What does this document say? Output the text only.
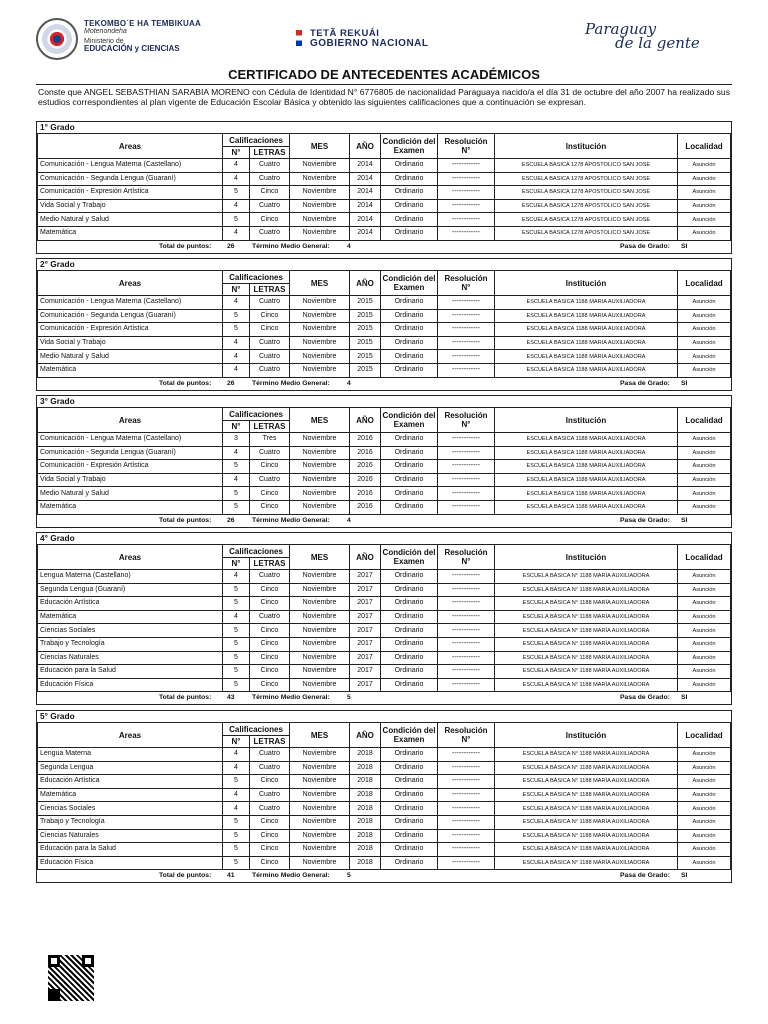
TEKOMBO´E HA TEMBIKUAA
Motenondeha
Ministerio de
EDUCACIÓN y CIENCIAS
TETÃ REKUÁI
GOBIERNO NACIONAL
Paraguay
de la gente
CERTIFICADO DE ANTECEDENTES ACADÉMICOS
Conste que ANGEL SEBASTHIAN SARABIA MORENO con Cédula de Identidad N° 6776805 de nacionalidad Paraguaya nacido/a el día 31 de octubre del año 2007 ha realizado sus estudios correspondientes al plan vigente de Educación Escolar Básica y obtenido las siguientes calificaciones que a continuación se expresan.
1° Grado
Areas	Calificaciones		MES	AÑO	Condición del Examen	Resolución N°	Institución	Localidad
	N°	LETRAS						
Comunicación - Lengua Materna (Castellano)	4	Cuatro	Noviembre	2014	Ordinario	------------	ESCUELA BASICA 1278 APOSTOLICO SAN JOSE	Asunción
Comunicación - Segunda Lengua (Guaraní)	4	Cuatro	Noviembre	2014	Ordinario	------------	ESCUELA BASICA 1278 APOSTOLICO SAN JOSE	Asunción
Comunicación - Expresión Artística	5	Cinco	Noviembre	2014	Ordinario	------------	ESCUELA BASICA 1278 APOSTOLICO SAN JOSE	Asunción
Vida Social y Trabajo	4	Cuatro	Noviembre	2014	Ordinario	------------	ESCUELA BASICA 1278 APOSTOLICO SAN JOSE	Asunción
Medio Natural y Salud	5	Cinco	Noviembre	2014	Ordinario	------------	ESCUELA BASICA 1278 APOSTOLICO SAN JOSE	Asunción
Matemática	4	Cuatro	Noviembre	2014	Ordinario	------------	ESCUELA BASICA 1278 APOSTOLICO SAN JOSE	Asunción
Total de puntos: 26	Término Medio General:	4	Pasa de Grado: SI
2° Grado
Areas	Calificaciones		MES	AÑO	Condición del Examen	Resolución N°	Institución	Localidad
	N°	LETRAS						
Comunicación - Lengua Materna (Castellano)	4	Cuatro	Noviembre	2015	Ordinario	------------	ESCUELA BASICA 1188 MARIA AUXILIADORA	Asunción
Comunicación - Segunda Lengua (Guaraní)	5	Cinco	Noviembre	2015	Ordinario	------------	ESCUELA BASICA 1188 MARIA AUXILIADORA	Asunción
Comunicación - Expresión Artística	5	Cinco	Noviembre	2015	Ordinario	------------	ESCUELA BASICA 1188 MARIA AUXILIADORA	Asunción
Vida Social y Trabajo	4	Cuatro	Noviembre	2015	Ordinario	------------	ESCUELA BASICA 1188 MARIA AUXILIADORA	Asunción
Medio Natural y Salud	4	Cuatro	Noviembre	2015	Ordinario	------------	ESCUELA BASICA 1188 MARIA AUXILIADORA	Asunción
Matemática	4	Cuatro	Noviembre	2015	Ordinario	------------	ESCUELA BASICA 1188 MARIA AUXILIADORA	Asunción
Total de puntos: 26	Término Medio General:	4	Pasa de Grado: SI
3° Grado
Areas	Calificaciones		MES	AÑO	Condición del Examen	Resolución N°	Institución	Localidad
	N°	LETRAS						
Comunicación - Lengua Materna (Castellano)	3	Tres	Noviembre	2016	Ordinario	------------	ESCUELA BASICA 1188 MARIA AUXILIADORA	Asunción
Comunicación - Segunda Lengua (Guaraní)	4	Cuatro	Noviembre	2016	Ordinario	------------	ESCUELA BASICA 1188 MARIA AUXILIADORA	Asunción
Comunicación - Expresión Artística	5	Cinco	Noviembre	2016	Ordinario	------------	ESCUELA BASICA 1188 MARIA AUXILIADORA	Asunción
Vida Social y Trabajo	4	Cuatro	Noviembre	2016	Ordinario	------------	ESCUELA BASICA 1188 MARIA AUXILIADORA	Asunción
Medio Natural y Salud	5	Cinco	Noviembre	2016	Ordinario	------------	ESCUELA BASICA 1188 MARIA AUXILIADORA	Asunción
Matemática	5	Cinco	Noviembre	2016	Ordinario	------------	ESCUELA BASICA 1188 MARIA AUXILIADORA	Asunción
Total de puntos: 26	Término Medio General:	4	Pasa de Grado: SI
4° Grado
Areas	Calificaciones		MES	AÑO	Condición del Examen	Resolución N°	Institución	Localidad
	N°	LETRAS						
Lengua Materna (Castellano)	4	Cuatro	Noviembre	2017	Ordinario	------------	ESCUELA BÁSICA N° 1188 MARÍA AUXILIADORA	Asunción
Segunda Lengua (Guaraní)	5	Cinco	Noviembre	2017	Ordinario	------------	ESCUELA BÁSICA N° 1188 MARÍA AUXILIADORA	Asunción
Educación Artística	5	Cinco	Noviembre	2017	Ordinario	------------	ESCUELA BÁSICA N° 1188 MARÍA AUXILIADORA	Asunción
Matemática	4	Cuatro	Noviembre	2017	Ordinario	------------	ESCUELA BÁSICA N° 1188 MARÍA AUXILIADORA	Asunción
Ciencias Sociales	5	Cinco	Noviembre	2017	Ordinario	------------	ESCUELA BÁSICA N° 1188 MARÍA AUXILIADORA	Asunción
Trabajo y Tecnología	5	Cinco	Noviembre	2017	Ordinario	------------	ESCUELA BÁSICA N° 1188 MARÍA AUXILIADORA	Asunción
Ciencias Naturales	5	Cinco	Noviembre	2017	Ordinario	------------	ESCUELA BÁSICA N° 1188 MARÍA AUXILIADORA	Asunción
Educación para la Salud	5	Cinco	Noviembre	2017	Ordinario	------------	ESCUELA BÁSICA N° 1188 MARÍA AUXILIADORA	Asunción
Educación Física	5	Cinco	Noviembre	2017	Ordinario	------------	ESCUELA BÁSICA N° 1188 MARÍA AUXILIADORA	Asunción
Total de puntos: 43	Término Medio General:	5	Pasa de Grado: SI
5° Grado
Areas	Calificaciones		MES	AÑO	Condición del Examen	Resolución N°	Institución	Localidad
	N°	LETRAS						
Lengua Materna	4	Cuatro	Noviembre	2018	Ordinario	------------	ESCUELA BÁSICA N° 1188 MARÍA AUXILIADORA	Asunción
Segunda Lengua	4	Cuatro	Noviembre	2018	Ordinario	------------	ESCUELA BÁSICA N° 1188 MARÍA AUXILIADORA	Asunción
Educación Artística	5	Cinco	Noviembre	2018	Ordinario	------------	ESCUELA BÁSICA N° 1188 MARÍA AUXILIADORA	Asunción
Matemática	4	Cuatro	Noviembre	2018	Ordinario	------------	ESCUELA BÁSICA N° 1188 MARÍA AUXILIADORA	Asunción
Ciencias Sociales	4	Cuatro	Noviembre	2018	Ordinario	------------	ESCUELA BÁSICA N° 1188 MARÍA AUXILIADORA	Asunción
Trabajo y Tecnología	5	Cinco	Noviembre	2018	Ordinario	------------	ESCUELA BÁSICA N° 1188 MARÍA AUXILIADORA	Asunción
Ciencias Naturales	5	Cinco	Noviembre	2018	Ordinario	------------	ESCUELA BÁSICA N° 1188 MARÍA AUXILIADORA	Asunción
Educación para la Salud	5	Cinco	Noviembre	2018	Ordinario	------------	ESCUELA BÁSICA N° 1188 MARÍA AUXILIADORA	Asunción
Educación Física	5	Cinco	Noviembre	2018	Ordinario	------------	ESCUELA BÁSICA N° 1188 MARÍA AUXILIADORA	Asunción
Total de puntos: 41	Término Medio General:	5	Pasa de Grado: SI
